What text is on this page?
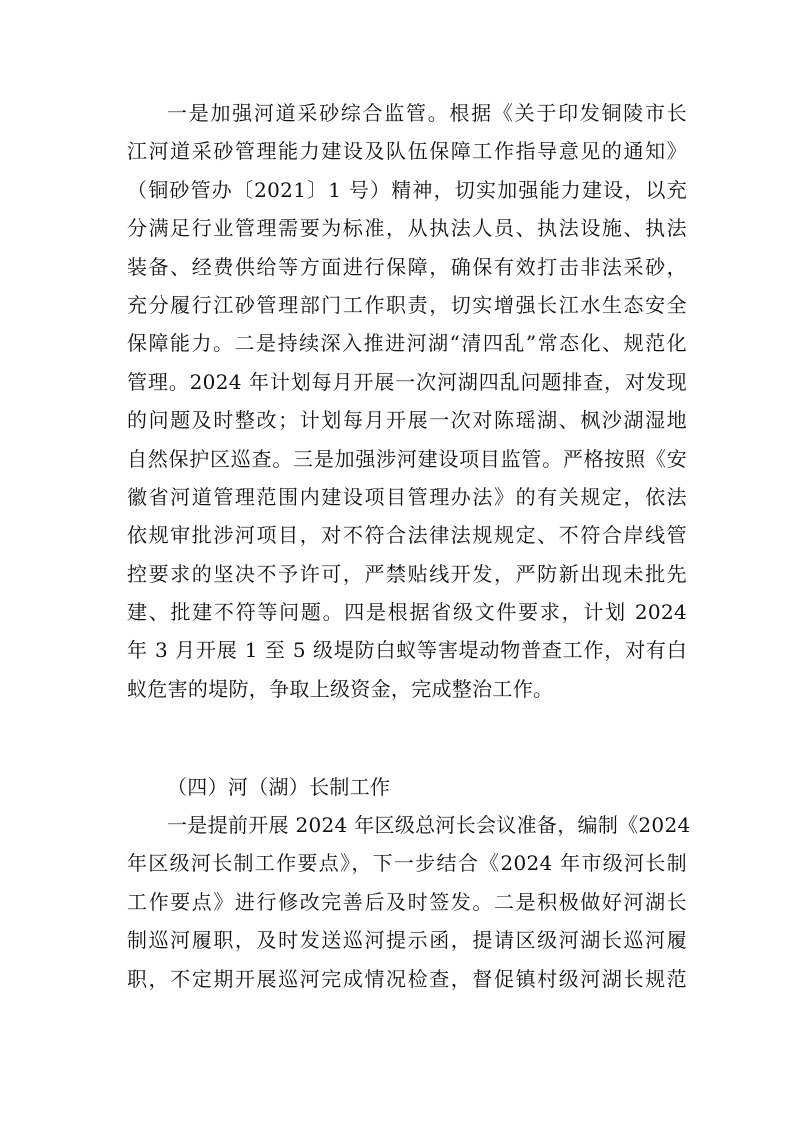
一是加强河道采砂综合监管。根据《关于印发铜陵市长
江河道采砂管理能力建设及队伍保障工作指导意见的通知》
（铜砂管办〔2021〕1 号）精神，切实加强能力建设，以充
分满足行业管理需要为标准，从执法人员、执法设施、执法
装备、经费供给等方面进行保障，确保有效打击非法采砂，
充分履行江砂管理部门工作职责，切实增强长江水生态安全
保障能力。二是持续深入推进河湖“清四乱”常态化、规范化
管理。2024 年计划每月开展一次河湖四乱问题排查，对发现
的问题及时整改；计划每月开展一次对陈瑶湖、枫沙湖湿地
自然保护区巡查。三是加强涉河建设项目监管。严格按照《安
徽省河道管理范围内建设项目管理办法》的有关规定，依法
依规审批涉河项目，对不符合法律法规规定、不符合岸线管
控要求的坚决不予许可，严禁贴线开发，严防新出现未批先
建、批建不符等问题。四是根据省级文件要求，计划 2024
年 3 月开展 1 至 5 级堤防白蚁等害堤动物普查工作，对有白
蚁危害的堤防，争取上级资金，完成整治工作。
（四）河（湖）长制工作
一是提前开展 2024 年区级总河长会议准备，编制《2024
年区级河长制工作要点》，下一步结合《2024 年市级河长制
工作要点》进行修改完善后及时签发。二是积极做好河湖长
制巡河履职，及时发送巡河提示函，提请区级河湖长巡河履
职，不定期开展巡河完成情况检查，督促镇村级河湖长规范
